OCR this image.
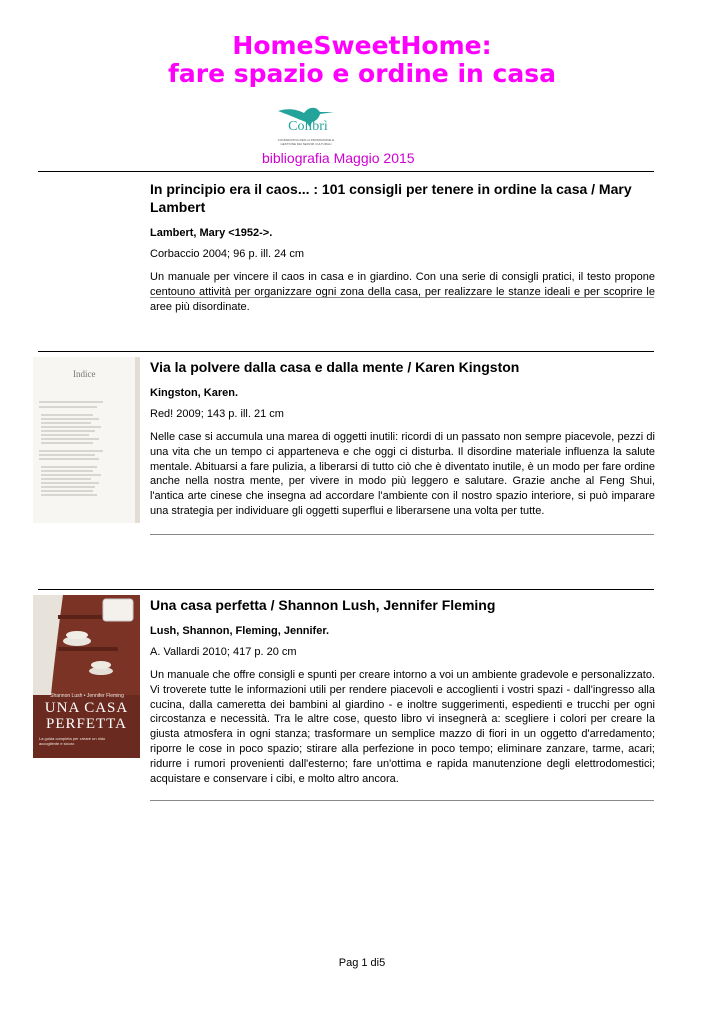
HomeSweetHome:
fare spazio e ordine in casa
Colibrì
COOPERATIVA PER LA PROMOZIONE E GESTIONE DEI SERVIZI CULTURALI
bibliografia Maggio 2015
In principio era il caos... : 101 consigli per tenere in ordine la casa / Mary Lambert
Lambert, Mary <1952->.
Corbaccio 2004; 96 p. ill. 24 cm
Un manuale per vincere il caos in casa e in giardino. Con una serie di consigli pratici, il testo propone centouno attività per organizzare ogni zona della casa, per realizzare le stanze ideali e per scoprire le aree più disordinate.
Indice	Via la polvere dalla casa e dalla mente / Karen Kingston
Kingston, Karen.
Red! 2009; 143 p. ill. 21 cm
Nelle case si accumula una marea di oggetti inutili: ricordi di un passato non sempre piacevole, pezzi di una vita che un tempo ci apparteneva e che oggi ci disturba. Il disordine materiale influenza la salute mentale. Abituarsi a fare pulizia, a liberarsi di tutto ciò che è diventato inutile, è un modo per fare ordine anche nella nostra mente, per vivere in modo più leggero e salutare. Grazie anche al Feng Shui, l'antica arte cinese che insegna ad accordare l'ambiente con il nostro spazio interiore, si può imparare una strategia per individuare gli oggetti superflui e liberarsene una volta per tutte.
Shannon Lush • Jennifer Fleming
UNA CASA
PERFETTA
La guida completa per creare un nido accogliente e sicuro
Una casa perfetta / Shannon Lush, Jennifer Fleming
Lush, Shannon, Fleming, Jennifer.
A. Vallardi 2010; 417 p. 20 cm
Un manuale che offre consigli e spunti per creare intorno a voi un ambiente gradevole e personalizzato. Vi troverete tutte le informazioni utili per rendere piacevoli e accoglienti i vostri spazi - dall'ingresso alla cucina, dalla cameretta dei bambini al giardino - e inoltre suggerimenti, espedienti e trucchi per ogni circostanza e necessità. Tra le altre cose, questo libro vi insegnerà a: scegliere i colori per creare la giusta atmosfera in ogni stanza; trasformare un semplice mazzo di fiori in un oggetto d'arredamento; riporre le cose in poco spazio; stirare alla perfezione in poco tempo; eliminare zanzare, tarme, acari; ridurre i rumori provenienti dall'esterno; fare un'ottima e rapida manutenzione degli elettrodomestici; acquistare e conservare i cibi, e molto altro ancora.
Pag 1 di5
